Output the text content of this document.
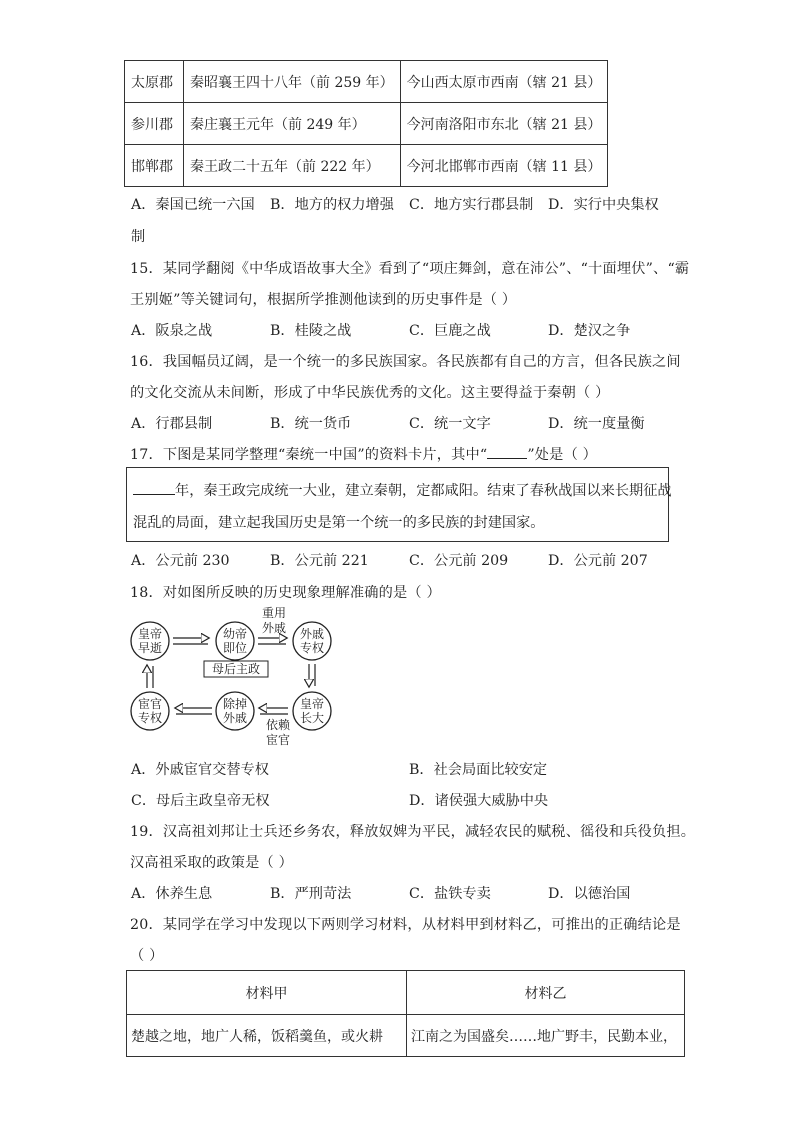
太原郡	秦昭襄王四十八年（前 259 年）	今山西太原市西南（辖 21 县）
参川郡	秦庄襄王元年（前 249 年）	今河南洛阳市东北（辖 21 县）
邯郸郡	秦王政二十五年（前 222 年）	今河北邯郸市西南（辖 11 县）
A．秦国已统一六国 B．地方的权力增强 C．地方实行郡县制 D．实行中央集权
制
15．某同学翻阅《中华成语故事大全》看到了“项庄舞剑，意在沛公”、“十面埋伏”、“霸
王别姬”等关键词句，根据所学推测他读到的历史事件是（ ）
A．阪泉之战	B．桂陵之战	C．巨鹿之战	D．楚汉之争
16．我国幅员辽阔，是一个统一的多民族国家。各民族都有自己的方言，但各民族之间
的文化交流从未间断，形成了中华民族优秀的文化。这主要得益于秦朝（ ）
A．行郡县制	B．统一货币	C．统一文字	D．统一度量衡
17．下图是某同学整理“秦统一中国”的资料卡片，其中“	”处是（ ）
年，秦王政完成统一大业，建立秦朝，定都咸阳。结束了春秋战国以来长期征战
混乱的局面，建立起我国历史是第一个统一的多民族的封建国家。
A．公元前 230	B．公元前 221	C．公元前 209	D．公元前 207
18．对如图所反映的历史现象理解准确的是（ ）
皇帝
早逝
幼帝
即位
外戚
专权
皇帝
长大
除掉
外戚
宦官
专权
重用
外戚
母后主政
依赖
宦官
A．外戚宦官交替专权	B．社会局面比较安定
C．母后主政皇帝无权	D．诸侯强大威胁中央
19．汉高祖刘邦让士兵还乡务农，释放奴婢为平民，减轻农民的赋税、徭役和兵役负担。
汉高祖采取的政策是（ ）
A．休养生息	B．严刑苛法	C．盐铁专卖	D．以德治国
20．某同学在学习中发现以下两则学习材料，从材料甲到材料乙，可推出的正确结论是
（ ）
材料甲	材料乙
楚越之地，地广人稀，饭稻羹鱼，或火耕	江南之为国盛矣……地广野丰，民勤本业，
